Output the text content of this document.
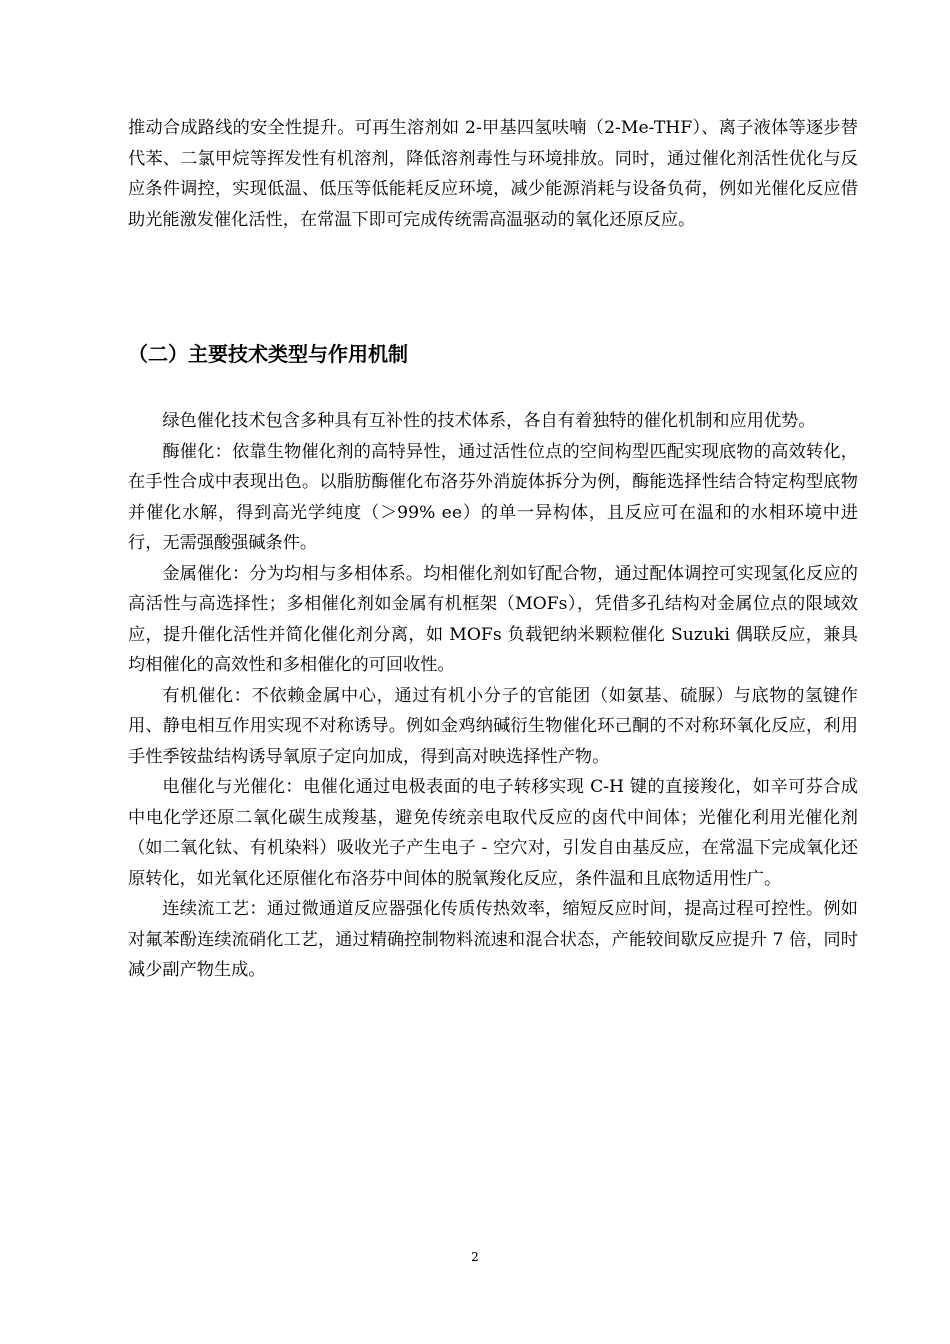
推动合成路线的安全性提升。可再生溶剂如 2-甲基四氢呋喃（2-Me-THF）、离子液体等逐步替代苯、二氯甲烷等挥发性有机溶剂，降低溶剂毒性与环境排放。同时，通过催化剂活性优化与反应条件调控，实现低温、低压等低能耗反应环境，减少能源消耗与设备负荷，例如光催化反应借助光能激发催化活性，在常温下即可完成传统需高温驱动的氧化还原反应。

（二）主要技术类型与作用机制

绿色催化技术包含多种具有互补性的技术体系，各自有着独特的催化机制和应用优势。

酶催化：依靠生物催化剂的高特异性，通过活性位点的空间构型匹配实现底物的高效转化，在手性合成中表现出色。以脂肪酶催化布洛芬外消旋体拆分为例，酶能选择性结合特定构型底物并催化水解，得到高光学纯度（＞99% ee）的单一异构体，且反应可在温和的水相环境中进行，无需强酸强碱条件。

金属催化：分为均相与多相体系。均相催化剂如钌配合物，通过配体调控可实现氢化反应的高活性与高选择性；多相催化剂如金属有机框架（MOFs），凭借多孔结构对金属位点的限域效应，提升催化活性并简化催化剂分离，如 MOFs 负载钯纳米颗粒催化 Suzuki 偶联反应，兼具均相催化的高效性和多相催化的可回收性。

有机催化：不依赖金属中心，通过有机小分子的官能团（如氨基、硫脲）与底物的氢键作用、静电相互作用实现不对称诱导。例如金鸡纳碱衍生物催化环己酮的不对称环氧化反应，利用手性季铵盐结构诱导氧原子定向加成，得到高对映选择性产物。

电催化与光催化：电催化通过电极表面的电子转移实现 C-H 键的直接羧化，如辛可芬合成中电化学还原二氧化碳生成羧基，避免传统亲电取代反应的卤代中间体；光催化利用光催化剂（如二氧化钛、有机染料）吸收光子产生电子 - 空穴对，引发自由基反应，在常温下完成氧化还原转化，如光氧化还原催化布洛芬中间体的脱氧羧化反应，条件温和且底物适用性广。

连续流工艺：通过微通道反应器强化传质传热效率，缩短反应时间，提高过程可控性。例如对氟苯酚连续流硝化工艺，通过精确控制物料流速和混合状态，产能较间歇反应提升 7 倍，同时减少副产物生成。

2
